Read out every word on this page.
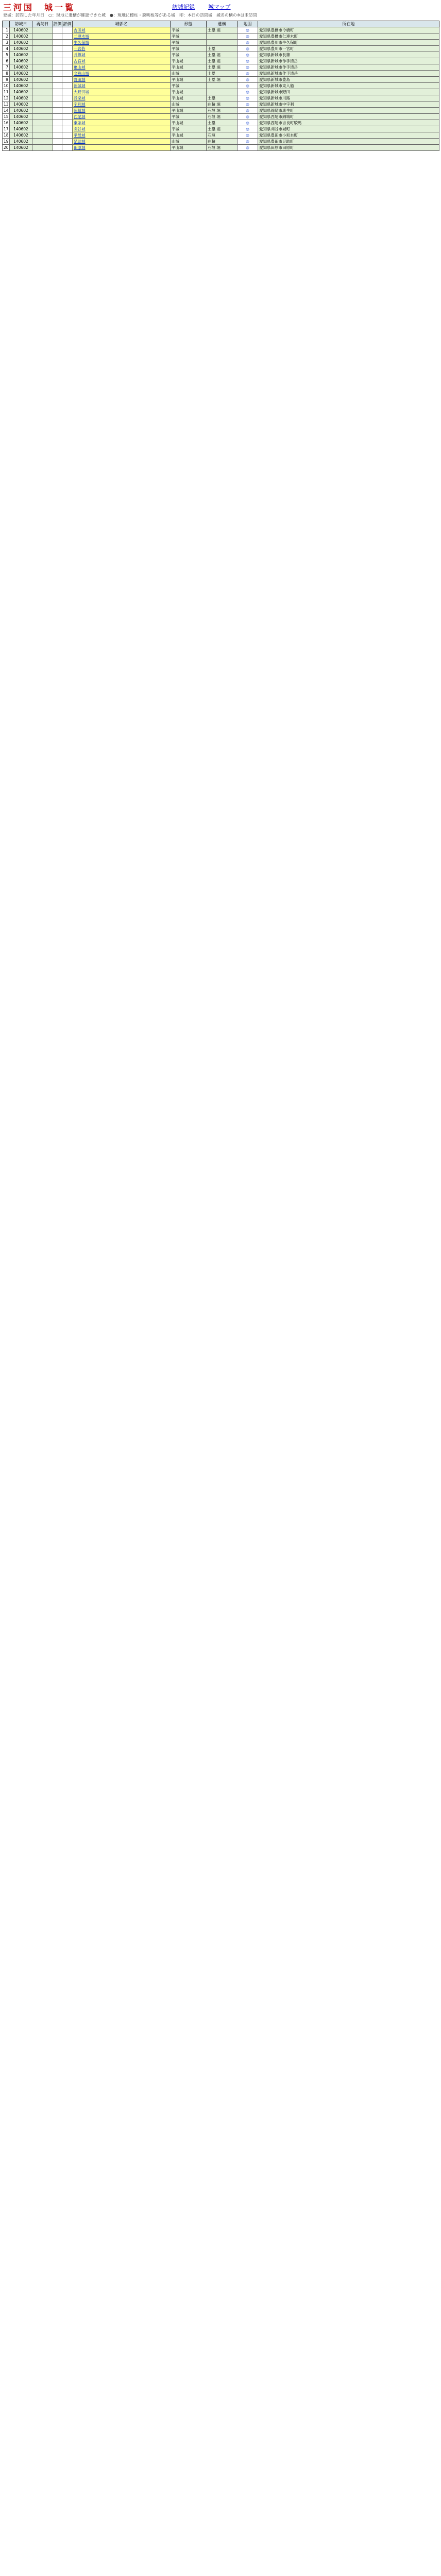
三河国　城一覧	訪城記録 城マップ
登城：訪問した年月日　○：現地に遺構が確認できた城　●：現地に標柱・説明板等がある城　印：本日の訪問城　城名の横の※は未訪問
	訪城日	再訪日	評価	評価	城郭名	形態	遺構	地図	所在地
1	140602				吉田城	平城	土塁 堀	◎	愛知県豊橋市今橋町
2	140602				二連木城	平城		◎	愛知県豊橋市仁連木町
3	140602				牛久保城	平城		◎	愛知県豊川市牛久保町
4	140602				一宮砦	平城	土塁	◎	愛知県豊川市一宮町
5	140602				長篠城	平城	土塁 堀	◎	愛知県新城市長篠
6	140602				古宮城	平山城	土塁 堀	◎	愛知県新城市作手清岳
7	140602				亀山城	平山城	土塁 堀	◎	愛知県新城市作手清岳
8	140602				文殊山城	山城	土塁	◎	愛知県新城市作手清岳
9	140602				野田城	平山城	土塁 堀	◎	愛知県新城市豊島
10	140602				新城城	平城		◎	愛知県新城市東入船
11	140602				大野田城	平山城		◎	愛知県新城市野田
12	140602				設楽城	平山城	土塁	◎	愛知県新城市川路
13	140602				宇利城	山城	曲輪 堀	◎	愛知県新城市中宇利
14	140602				岡崎城	平山城	石垣 堀	◎	愛知県岡崎市康生町
15	140602				西尾城	平城	石垣 堀	◎	愛知県西尾市錦城町
16	140602				東条城	平山城	土塁	◎	愛知県西尾市吉良町駮馬
17	140602				刈谷城	平城	土塁 堀	◎	愛知県刈谷市城町
18	140602				挙母城	平山城	石垣	◎	愛知県豊田市小坂本町
19	140602				足助城	山城	曲輪	◎	愛知県豊田市足助町
20	140602				田原城	平山城	石垣 堀	◎	愛知県田原市田原町
